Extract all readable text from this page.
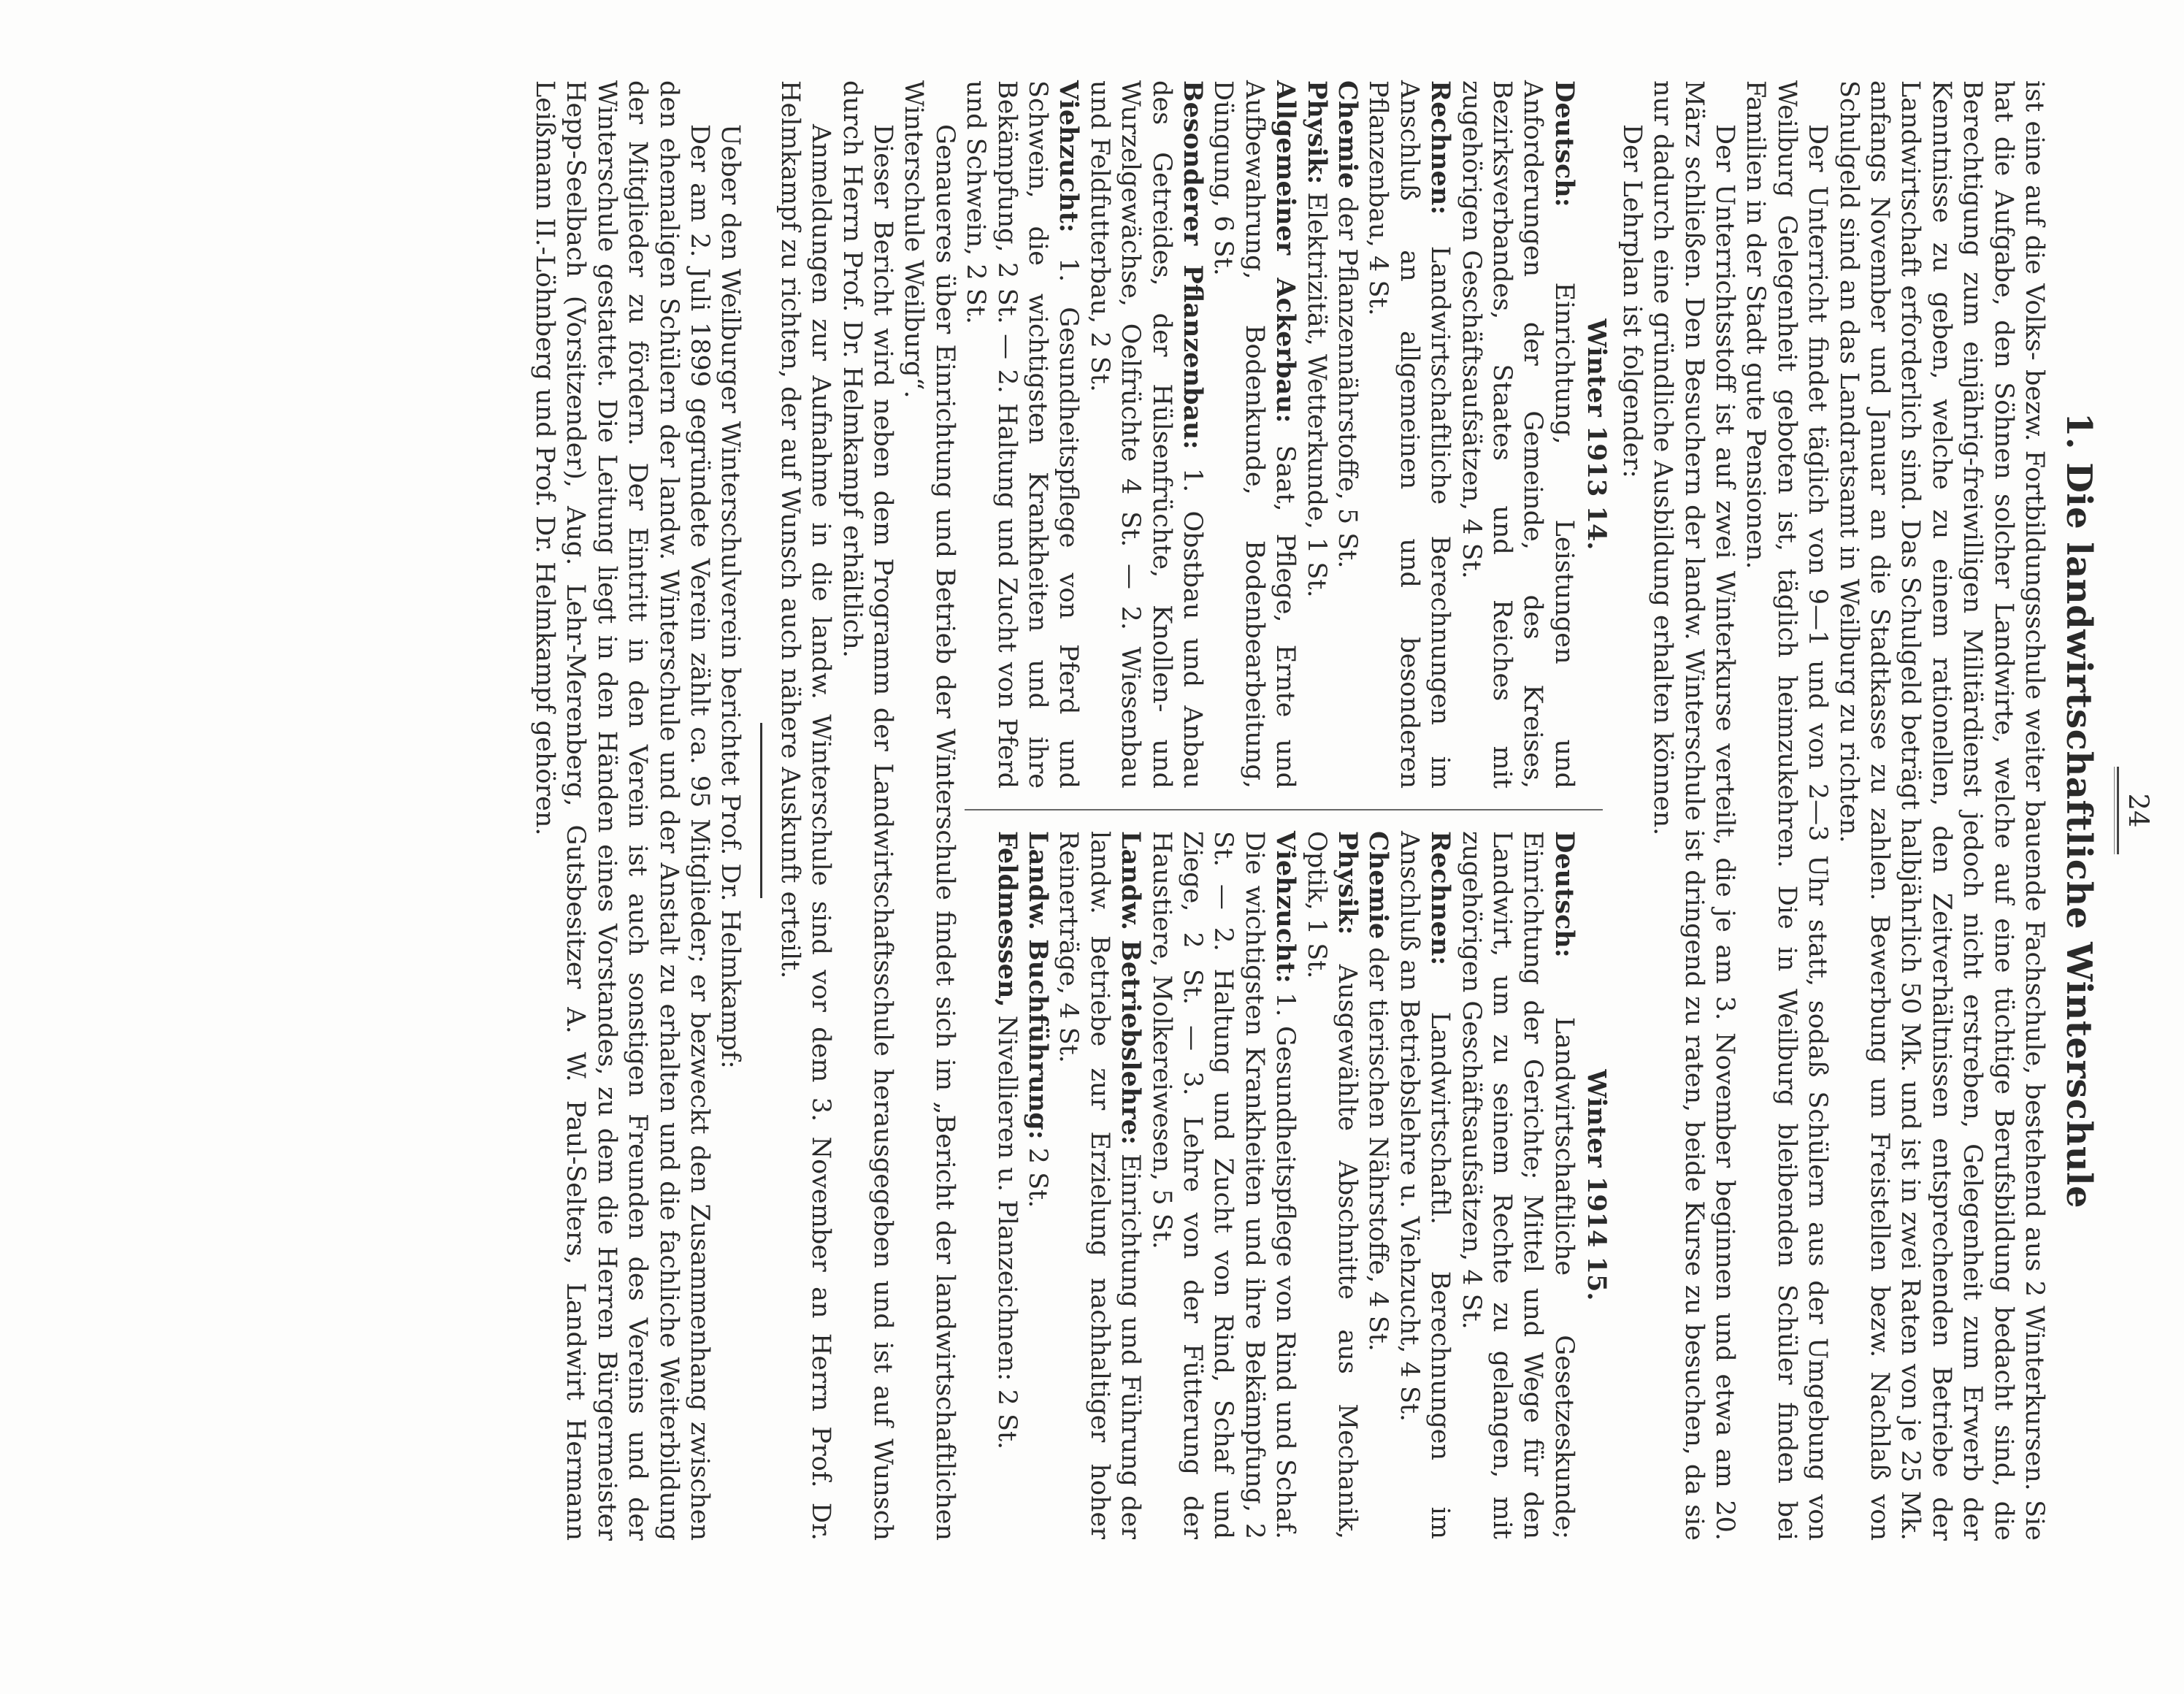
24
1. Die landwirtschaftliche Winterschule

ist eine auf die Volks- bezw. Fortbildungsschule weiter bauende Fachschule, bestehend aus 2 Winterkursen. Sie hat die Aufgabe, den Söhnen solcher Landwirte, welche auf eine tüchtige Berufsbildung bedacht sind, die Berechtigung zum einjährig-freiwilligen Militärdienst jedoch nicht erstreben, Gelegenheit zum Erwerb der Kenntnisse zu geben, welche zu einem rationellen, den Zeitverhältnissen entsprechenden Betriebe der Landwirtschaft erforderlich sind. Das Schulgeld beträgt halbjährlich 50 Mk. und ist in zwei Raten von je 25 Mk. anfangs November und Januar an die Stadtkasse zu zahlen. Bewerbung um Freistellen bezw. Nachlaß von Schulgeld sind an das Landratsamt in Weilburg zu richten.

Der Unterricht findet täglich von 9—1 und von 2—3 Uhr statt, sodaß Schülern aus der Umgebung von Weilburg Gelegenheit geboten ist, täglich heimzukehren. Die in Weilburg bleibenden Schüler finden bei Familien in der Stadt gute Pensionen.

Der Unterrichtsstoff ist auf zwei Winterkurse verteilt, die je am 3. November beginnen und etwa am 20. März schließen. Den Besuchern der landw. Winterschule ist dringend zu raten, beide Kurse zu besuchen, da sie nur dadurch eine gründliche Ausbildung erhalten können.

Der Lehrplan ist folgender:

Winter 1913 14.

Deutsch: Einrichtung, Leistungen und Anforderungen der Gemeinde, des Kreises, Bezirksverbandes, Staates und Reiches mit zugehörigen Geschäftsaufsätzen, 4 St.

Rechnen: Landwirtschaftliche Berechnungen im Anschluß an allgemeinen und besonderen Pflanzenbau, 4 St.

Chemie der Pflanzennährstoffe, 5 St.

Physik: Elektrizität, Wetterkunde, 1 St.

Allgemeiner Ackerbau: Saat, Pflege, Ernte und Aufbewahrung, Bodenkunde, Bodenbearbeitung, Düngung, 6 St.

Besonderer Pflanzenbau: 1. Obstbau und Anbau des Getreides, der Hülsenfrüchte, Knollen- und Wurzelgewächse, Oelfrüchte 4 St. — 2. Wiesenbau und Feldfutterbau, 2 St.

Viehzucht: 1. Gesundheitspflege von Pferd und Schwein, die wichtigsten Krankheiten und ihre Bekämpfung, 2 St. — 2. Haltung und Zucht von Pferd und Schwein, 2 St.

Winter 1914 15.

Deutsch: Landwirtschaftliche Gesetzeskunde; Einrichtung der Gerichte; Mittel und Wege für den Landwirt, um zu seinem Rechte zu gelangen, mit zugehörigen Geschäftsaufsätzen, 4 St.

Rechnen: Landwirtschaftl. Berechnungen im Anschluß an Betriebslehre u. Viehzucht, 4 St.

Chemie der tierischen Nährstoffe, 4 St.

Physik: Ausgewählte Abschnitte aus Mechanik, Optik, 1 St.

Viehzucht: 1. Gesundheitspflege von Rind und Schaf. Die wichtigsten Krankheiten und ihre Bekämpfung, 2 St. — 2. Haltung und Zucht von Rind, Schaf und Ziege, 2 St. — 3. Lehre von der Fütterung der Haustiere, Molkereiwesen, 5 St.

Landw. Betriebslehre: Einrichtung und Führung der landw. Betriebe zur Erzielung nachhaltiger hoher Reinerträge, 4 St.

Landw. Buchführung: 2 St.

Feldmessen, Nivellieren u. Planzeichnen: 2 St.

Genaueres über Einrichtung und Betrieb der Winterschule findet sich im „Bericht der landwirtschaftlichen Winterschule Weilburg“.

Dieser Bericht wird neben dem Programm der Landwirtschaftsschule herausgegeben und ist auf Wunsch durch Herrn Prof. Dr. Helmkampf erhältlich.

Anmeldungen zur Aufnahme in die landw. Winterschule sind vor dem 3. November an Herrn Prof. Dr. Helmkampf zu richten, der auf Wunsch auch nähere Auskunft erteilt.

Ueber den Weilburger Winterschulverein berichtet Prof. Dr. Helmkampf:

Der am 2. Juli 1899 gegründete Verein zählt ca. 95 Mitglieder; er bezweckt den Zusammenhang zwischen den ehemaligen Schülern der landw. Winterschule und der Anstalt zu erhalten und die fachliche Weiterbildung der Mitglieder zu fördern. Der Eintritt in den Verein ist auch sonstigen Freunden des Vereins und der Winterschule gestattet. Die Leitung liegt in den Händen eines Vorstandes, zu dem die Herren Bürgermeister Hepp-Seelbach (Vorsitzender), Aug. Lehr-Merenberg, Gutsbesitzer A. W. Paul-Selters, Landwirt Hermann Leißmann II.-Löhnberg und Prof. Dr. Helmkampf gehören.
